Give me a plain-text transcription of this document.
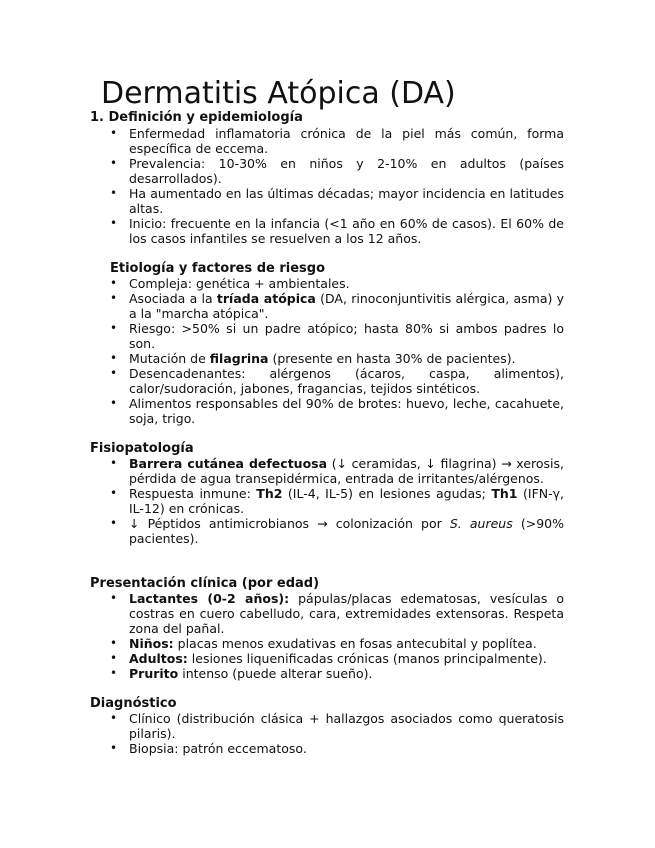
Dermatitis Atópica (DA)
1. Definición y epidemiología
• Enfermedad inflamatoria crónica de la piel más común, forma específica de eccema.
• Prevalencia: 10-30% en niños y 2-10% en adultos (países desarrollados).
• Ha aumentado en las últimas décadas; mayor incidencia en latitudes altas.
• Inicio: frecuente en la infancia (<1 año en 60% de casos). El 60% de los casos infantiles se resuelven a los 12 años.
Etiología y factores de riesgo
• Compleja: genética + ambientales.
• Asociada a la tríada atópica (DA, rinoconjuntivitis alérgica, asma) y a la "marcha atópica".
• Riesgo: >50% si un padre atópico; hasta 80% si ambos padres lo son.
• Mutación de filagrina (presente en hasta 30% de pacientes).
• Desencadenantes: alérgenos (ácaros, caspa, alimentos), calor/sudoración, jabones, fragancias, tejidos sintéticos.
• Alimentos responsables del 90% de brotes: huevo, leche, cacahuete, soja, trigo.
Fisiopatología
• Barrera cutánea defectuosa (↓ ceramidas, ↓ filagrina) → xerosis, pérdida de agua transepidérmica, entrada de irritantes/alérgenos.
• Respuesta inmune: Th2 (IL-4, IL-5) en lesiones agudas; Th1 (IFN-γ, IL-12) en crónicas.
• ↓ Péptidos antimicrobianos → colonización por S. aureus (>90% pacientes).
Presentación clínica (por edad)
• Lactantes (0-2 años): pápulas/placas edematosas, vesículas o costras en cuero cabelludo, cara, extremidades extensoras. Respeta zona del pañal.
• Niños: placas menos exudativas en fosas antecubital y poplítea.
• Adultos: lesiones liquenificadas crónicas (manos principalmente).
• Prurito intenso (puede alterar sueño).
Diagnóstico
• Clínico (distribución clásica + hallazgos asociados como queratosis pilaris).
• Biopsia: patrón eccematoso.
